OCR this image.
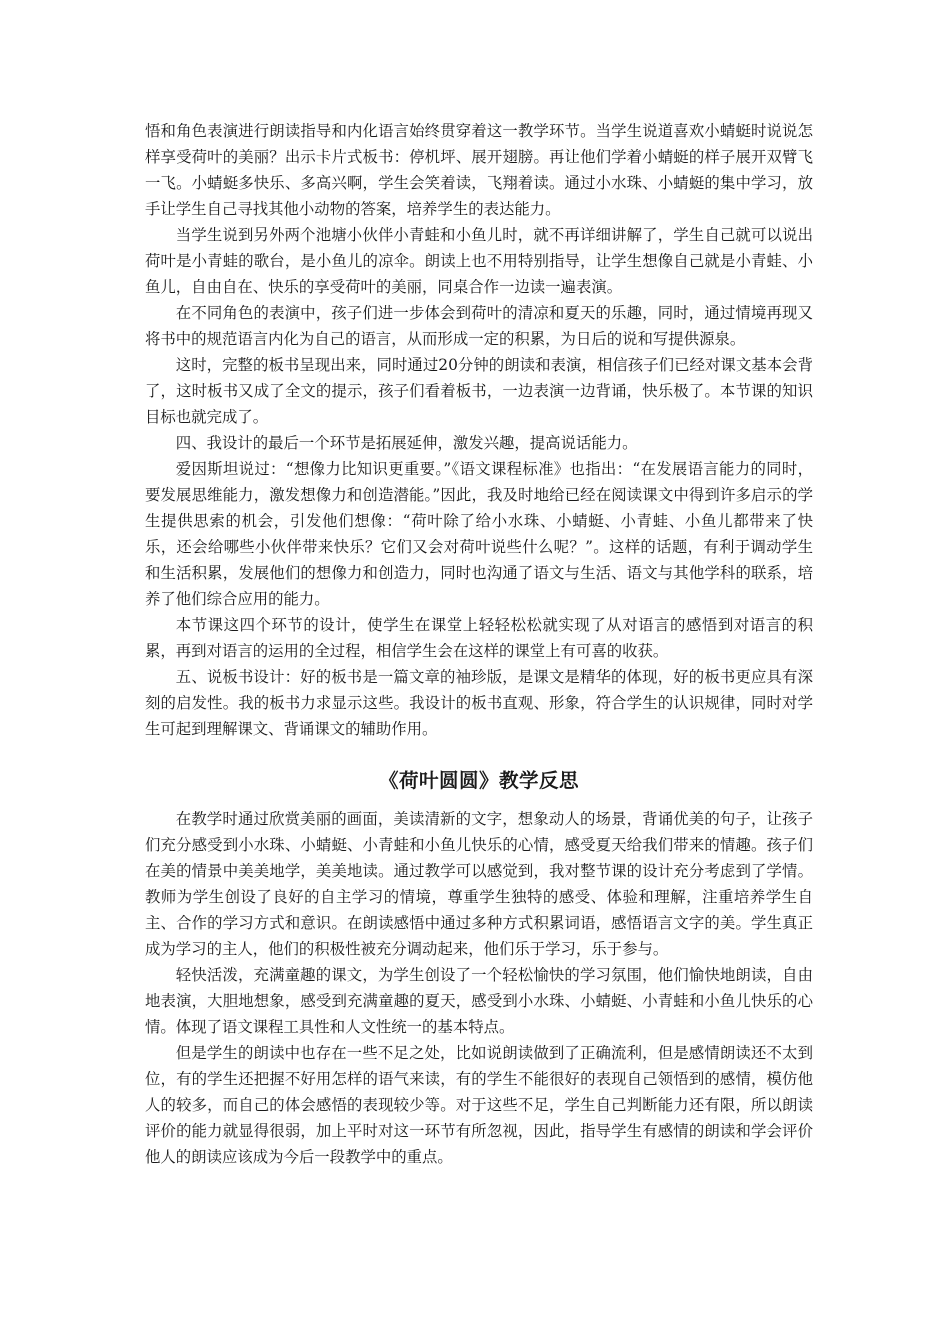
悟和角色表演进行朗读指导和内化语言始终贯穿着这一教学环节。当学生说道喜欢小蜻蜓时说说怎样享受荷叶的美丽？出示卡片式板书：停机坪、展开翅膀。再让他们学着小蜻蜓的样子展开双臂飞一飞。小蜻蜓多快乐、多高兴啊，学生会笑着读，飞翔着读。通过小水珠、小蜻蜓的集中学习，放手让学生自己寻找其他小动物的答案，培养学生的表达能力。

当学生说到另外两个池塘小伙伴小青蛙和小鱼儿时，就不再详细讲解了，学生自己就可以说出荷叶是小青蛙的歌台，是小鱼儿的凉伞。朗读上也不用特别指导，让学生想像自己就是小青蛙、小鱼儿，自由自在、快乐的享受荷叶的美丽，同桌合作一边读一遍表演。

在不同角色的表演中，孩子们进一步体会到荷叶的清凉和夏天的乐趣，同时，通过情境再现又将书中的规范语言内化为自己的语言，从而形成一定的积累，为日后的说和写提供源泉。

这时，完整的板书呈现出来，同时通过20分钟的朗读和表演，相信孩子们已经对课文基本会背了，这时板书又成了全文的提示，孩子们看着板书，一边表演一边背诵，快乐极了。本节课的知识目标也就完成了。

四、我设计的最后一个环节是拓展延伸，激发兴趣，提高说话能力。

爱因斯坦说过：“想像力比知识更重要。”《语文课程标准》也指出：“在发展语言能力的同时，要发展思维能力，激发想像力和创造潜能。”因此，我及时地给已经在阅读课文中得到许多启示的学生提供思索的机会，引发他们想像：“荷叶除了给小水珠、小蜻蜓、小青蛙、小鱼儿都带来了快乐，还会给哪些小伙伴带来快乐？它们又会对荷叶说些什么呢？”。这样的话题，有利于调动学生和生活积累，发展他们的想像力和创造力，同时也沟通了语文与生活、语文与其他学科的联系，培养了他们综合应用的能力。

本节课这四个环节的设计，使学生在课堂上轻轻松松就实现了从对语言的感悟到对语言的积累，再到对语言的运用的全过程，相信学生会在这样的课堂上有可喜的收获。

五、说板书设计：好的板书是一篇文章的袖珍版，是课文是精华的体现，好的板书更应具有深刻的启发性。我的板书力求显示这些。我设计的板书直观、形象，符合学生的认识规律，同时对学生可起到理解课文、背诵课文的辅助作用。

《荷叶圆圆》教学反思

在教学时通过欣赏美丽的画面，美读清新的文字，想象动人的场景，背诵优美的句子，让孩子们充分感受到小水珠、小蜻蜓、小青蛙和小鱼儿快乐的心情，感受夏天给我们带来的情趣。孩子们在美的情景中美美地学，美美地读。通过教学可以感觉到，我对整节课的设计充分考虑到了学情。教师为学生创设了良好的自主学习的情境，尊重学生独特的感受、体验和理解，注重培养学生自主、合作的学习方式和意识。在朗读感悟中通过多种方式积累词语，感悟语言文字的美。学生真正成为学习的主人，他们的积极性被充分调动起来，他们乐于学习，乐于参与。

轻快活泼，充满童趣的课文，为学生创设了一个轻松愉快的学习氛围，他们愉快地朗读，自由地表演，大胆地想象，感受到充满童趣的夏天，感受到小水珠、小蜻蜓、小青蛙和小鱼儿快乐的心情。体现了语文课程工具性和人文性统一的基本特点。

但是学生的朗读中也存在一些不足之处，比如说朗读做到了正确流利，但是感情朗读还不太到位，有的学生还把握不好用怎样的语气来读，有的学生不能很好的表现自己领悟到的感情，模仿他人的较多，而自己的体会感悟的表现较少等。对于这些不足，学生自己判断能力还有限，所以朗读评价的能力就显得很弱，加上平时对这一环节有所忽视，因此，指导学生有感情的朗读和学会评价他人的朗读应该成为今后一段教学中的重点。
